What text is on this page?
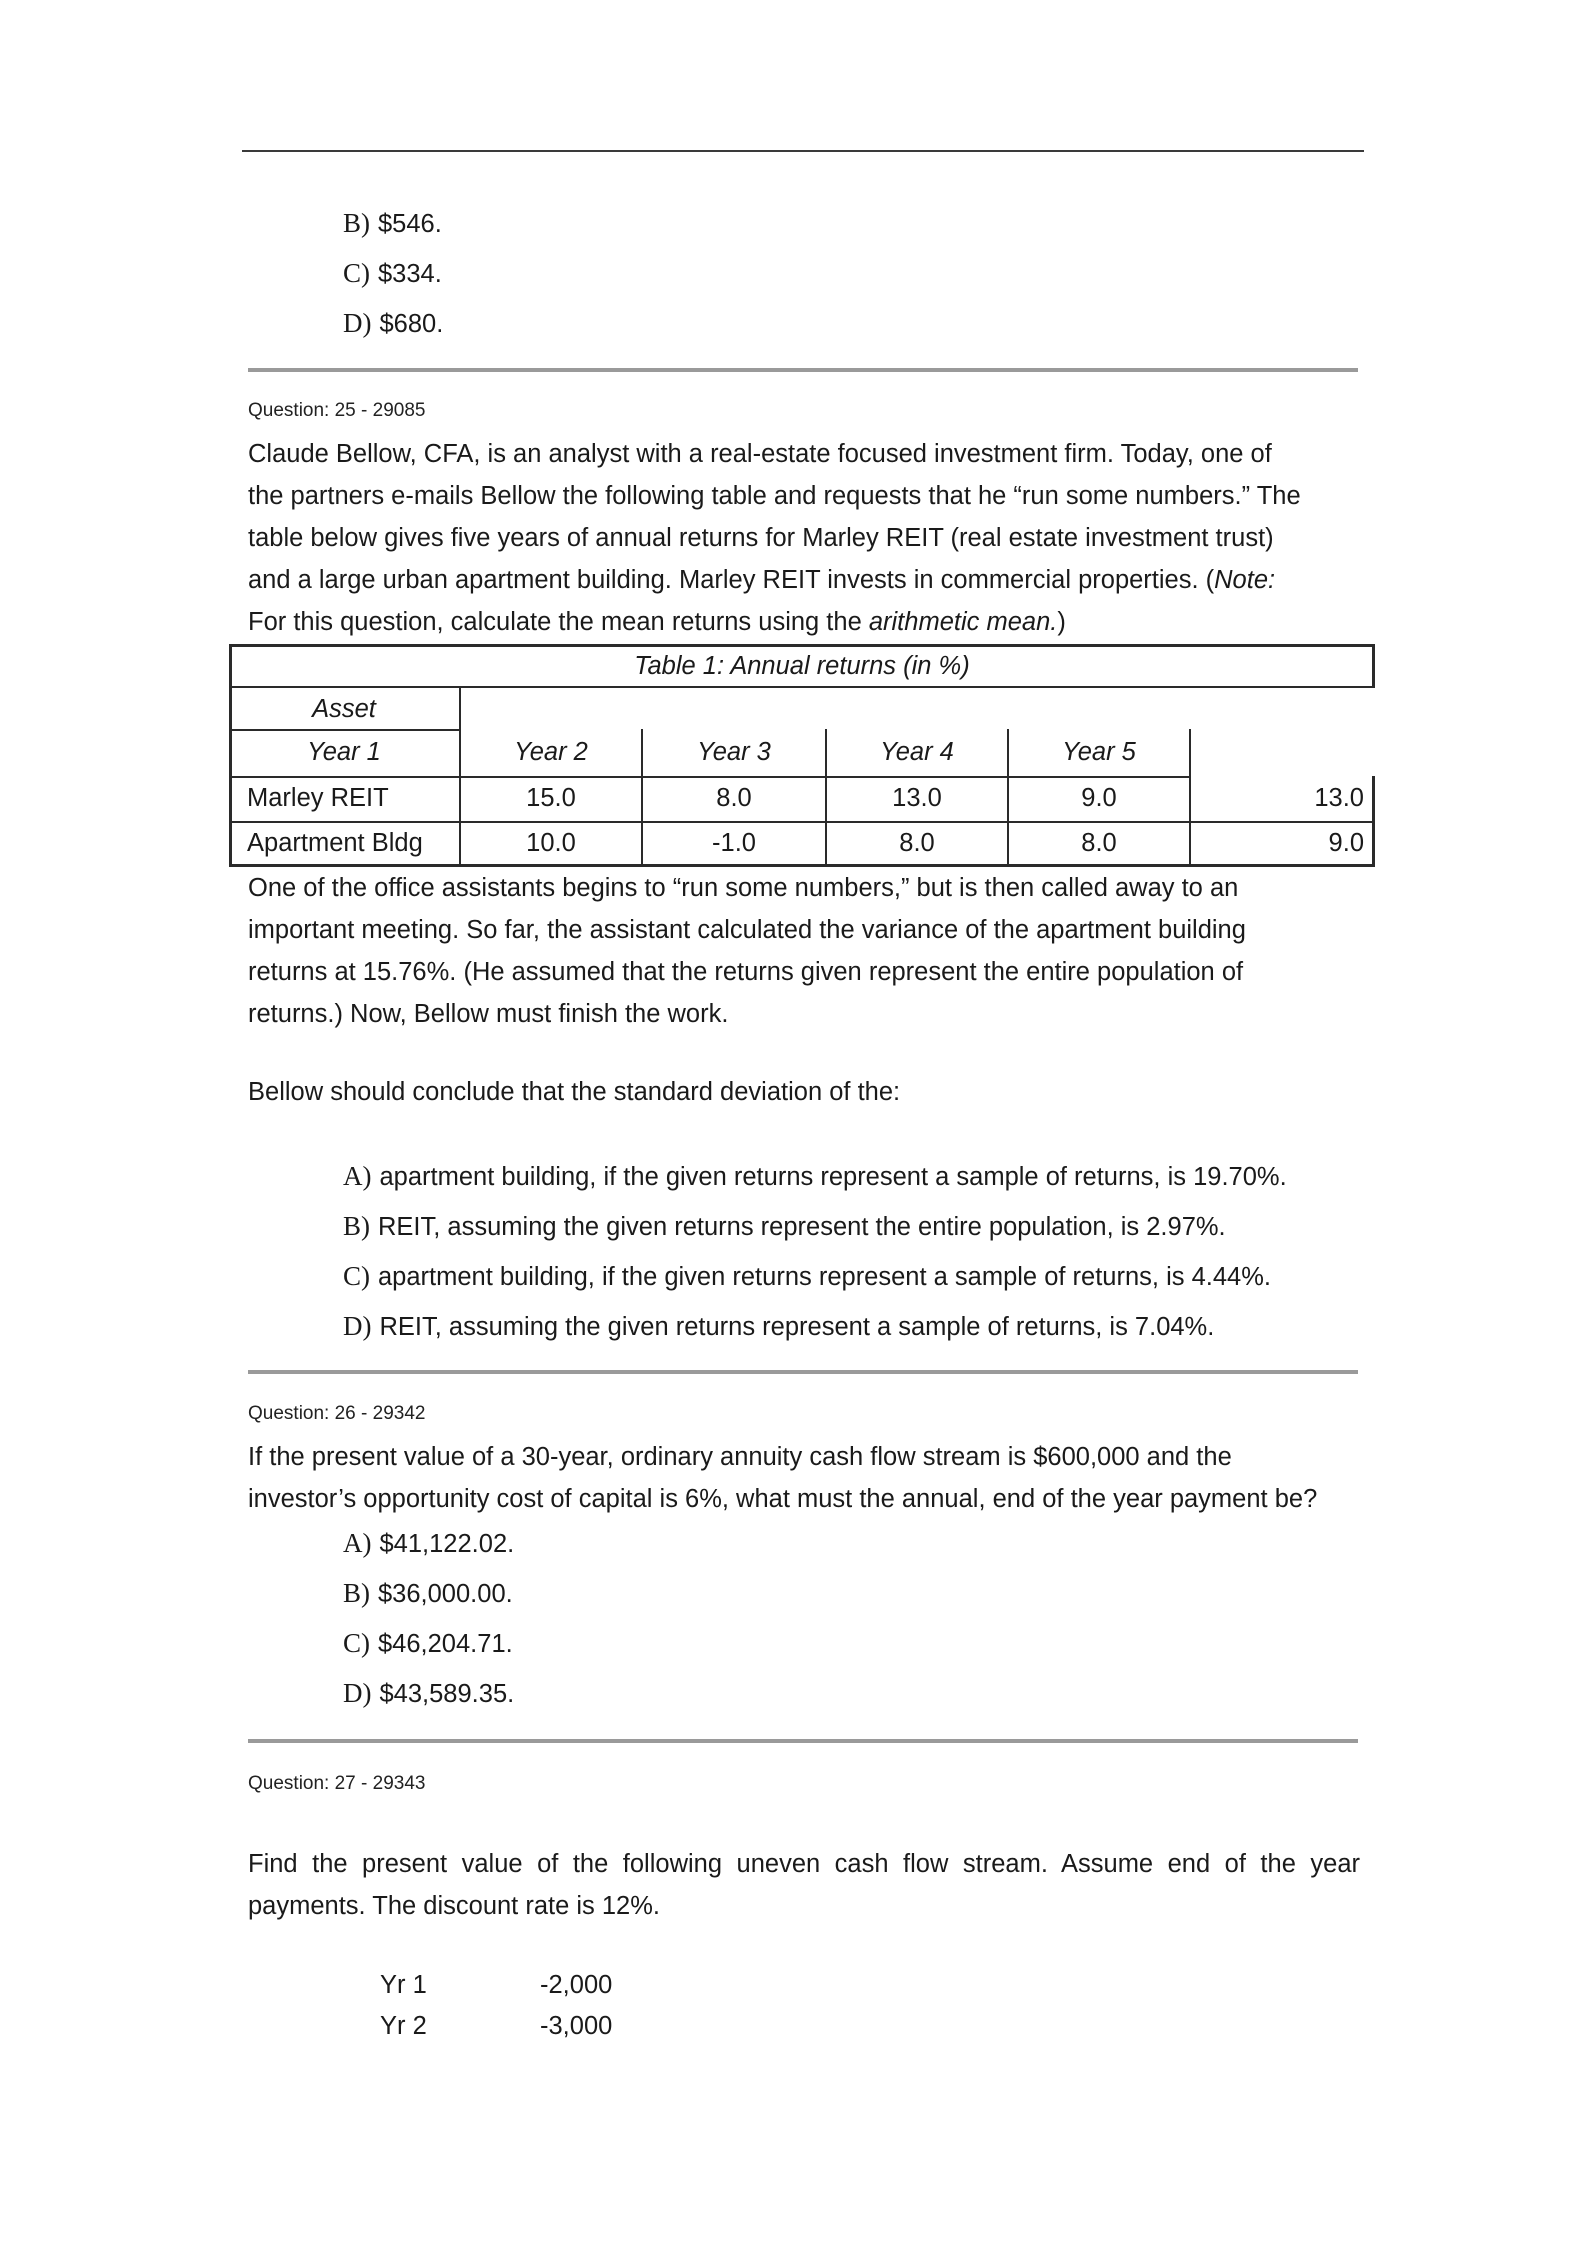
B) $546.
C) $334.
D) $680.
Question: 25 - 29085
Claude Bellow, CFA, is an analyst with a real-estate focused investment firm. Today, one of
the partners e-mails Bellow the following table and requests that he “run some numbers.” The
table below gives five years of annual returns for Marley REIT (real estate investment trust)
and a large urban apartment building. Marley REIT invests in commercial properties. (Note:
For this question, calculate the mean returns using the arithmetic mean.)
Table 1: Annual returns (in %)
Asset
Year 1	Year 2	Year 3	Year 4	Year 5
Marley REIT	15.0	8.0	13.0	9.0	13.0
Apartment Bldg	10.0	-1.0	8.0	8.0	9.0
One of the office assistants begins to “run some numbers,” but is then called away to an
important meeting. So far, the assistant calculated the variance of the apartment building
returns at 15.76%. (He assumed that the returns given represent the entire population of
returns.) Now, Bellow must finish the work.
Bellow should conclude that the standard deviation of the:
A) apartment building, if the given returns represent a sample of returns, is 19.70%.
B) REIT, assuming the given returns represent the entire population, is 2.97%.
C) apartment building, if the given returns represent a sample of returns, is 4.44%.
D) REIT, assuming the given returns represent a sample of returns, is 7.04%.
Question: 26 - 29342
If the present value of a 30-year, ordinary annuity cash flow stream is $600,000 and the
investor’s opportunity cost of capital is 6%, what must the annual, end of the year payment be?
A) $41,122.02.
B) $36,000.00.
C) $46,204.71.
D) $43,589.35.
Question: 27 - 29343
Find the present value of the following uneven cash flow stream. Assume end of the year
payments. The discount rate is 12%.
Yr 1	-2,000
Yr 2	-3,000
